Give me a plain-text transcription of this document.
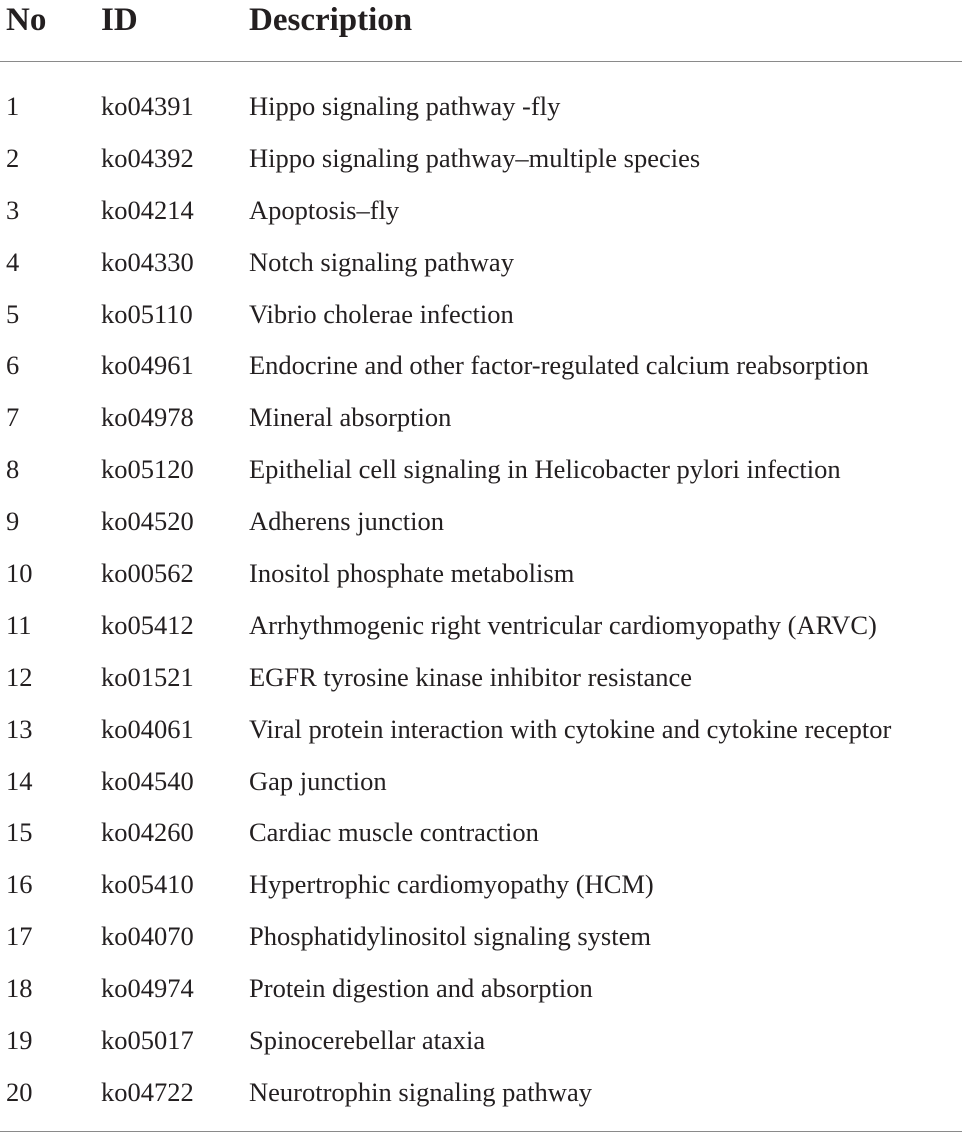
No ID	Description
1	ko04391 Hippo signaling pathway -fly
2	ko04392 Hippo signaling pathway–multiple species
3	ko04214 Apoptosis–fly
4	ko04330 Notch signaling pathway
5	ko05110 Vibrio cholerae infection
6	ko04961 Endocrine and other factor-regulated calcium reabsorption
7	ko04978 Mineral absorption
8	ko05120 Epithelial cell signaling in Helicobacter pylori infection
9	ko04520 Adherens junction
10	ko00562 Inositol phosphate metabolism
11	ko05412 Arrhythmogenic right ventricular cardiomyopathy (ARVC)
12	ko01521 EGFR tyrosine kinase inhibitor resistance
13	ko04061 Viral protein interaction with cytokine and cytokine receptor
14	ko04540 Gap junction
15	ko04260 Cardiac muscle contraction
16	ko05410 Hypertrophic cardiomyopathy (HCM)
17	ko04070 Phosphatidylinositol signaling system
18	ko04974 Protein digestion and absorption
19	ko05017 Spinocerebellar ataxia
20	ko04722 Neurotrophin signaling pathway
